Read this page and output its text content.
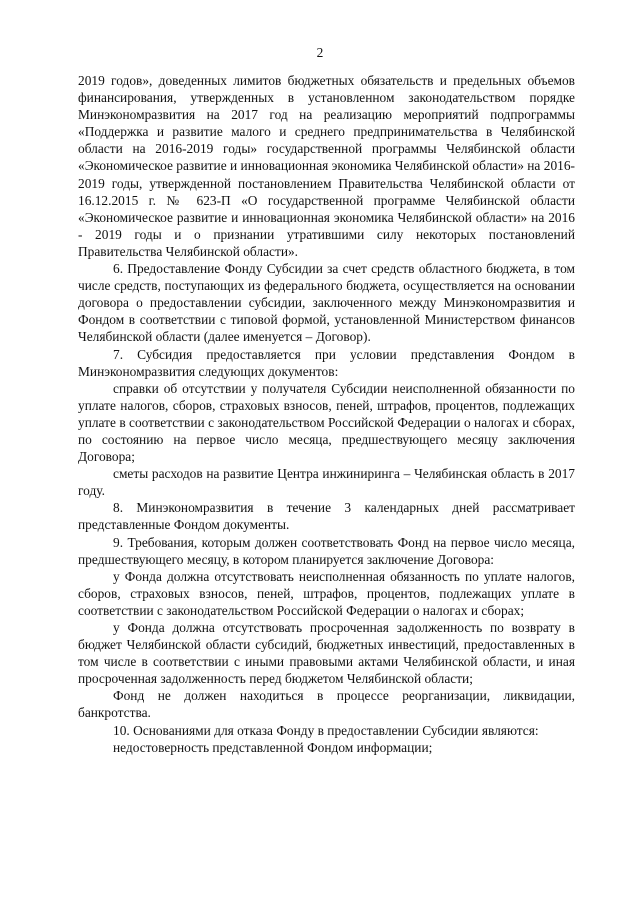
2

2019 годов», доведенных лимитов бюджетных обязательств и предельных объемов финансирования, утвержденных в установленном законодательством порядке Минэкономразвития на 2017 год на реализацию мероприятий подпрограммы «Поддержка и развитие малого и среднего предпринимательства в Челябинской области на 2016-2019 годы» государственной программы Челябинской области «Экономическое развитие и инновационная экономика Челябинской области» на 2016-2019 годы, утвержденной постановлением Правительства Челябинской области от 16.12.2015 г. № 623-П «О государственной программе Челябинской области «Экономическое развитие и инновационная экономика Челябинской области» на 2016 - 2019 годы и о признании утратившими силу некоторых постановлений Правительства Челябинской области».

6. Предоставление Фонду Субсидии за счет средств областного бюджета, в том числе средств, поступающих из федерального бюджета, осуществляется на основании договора о предоставлении субсидии, заключенного между Минэкономразвития и Фондом в соответствии с типовой формой, установленной Министерством финансов Челябинской области (далее именуется – Договор).

7. Субсидия предоставляется при условии представления Фондом в Минэкономразвития следующих документов:

справки об отсутствии у получателя Субсидии неисполненной обязанности по уплате налогов, сборов, страховых взносов, пеней, штрафов, процентов, подлежащих уплате в соответствии с законодательством Российской Федерации о налогах и сборах, по состоянию на первое число месяца, предшествующего месяцу заключения Договора;

сметы расходов на развитие Центра инжиниринга – Челябинская область в 2017 году.

8. Минэкономразвития в течение 3 календарных дней рассматривает представленные Фондом документы.

9. Требования, которым должен соответствовать Фонд на первое число месяца, предшествующего месяцу, в котором планируется заключение Договора:

у Фонда должна отсутствовать неисполненная обязанность по уплате налогов, сборов, страховых взносов, пеней, штрафов, процентов, подлежащих уплате в соответствии с законодательством Российской Федерации о налогах и сборах;

у Фонда должна отсутствовать просроченная задолженность по возврату в бюджет Челябинской области субсидий, бюджетных инвестиций, предоставленных в том числе в соответствии с иными правовыми актами Челябинской области, и иная просроченная задолженность перед бюджетом Челябинской области;

Фонд не должен находиться в процессе реорганизации, ликвидации, банкротства.

10. Основаниями для отказа Фонду в предоставлении Субсидии являются:

недостоверность представленной Фондом информации;
